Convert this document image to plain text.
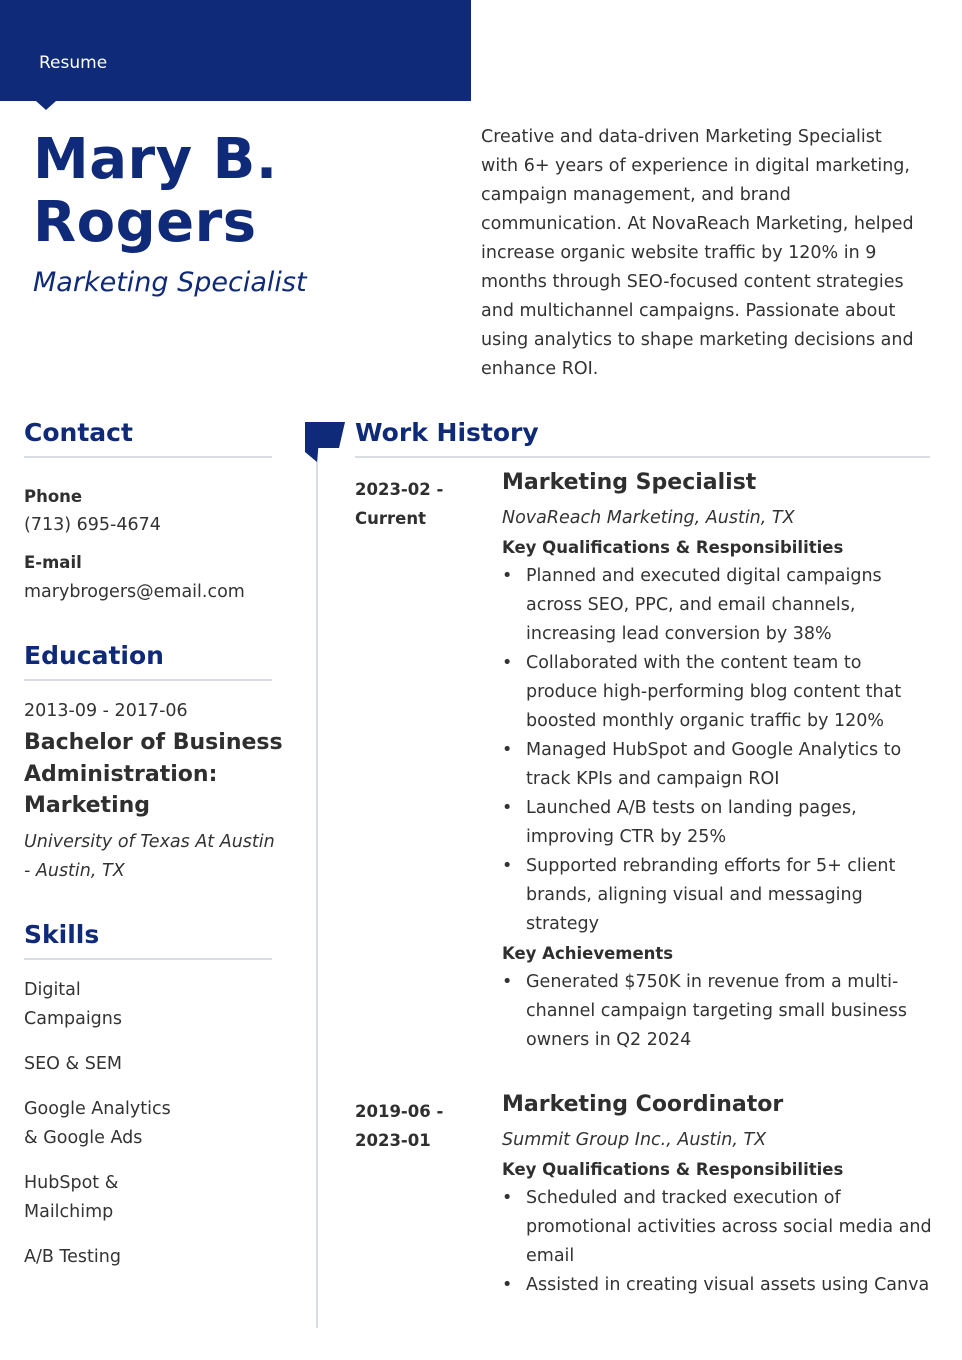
Resume
Mary B. Rogers
Marketing Specialist

Creative and data-driven Marketing Specialist with 6+ years of experience in digital marketing, campaign management, and brand communication. At NovaReach Marketing, helped increase organic website traffic by 120% in 9 months through SEO-focused content strategies and multichannel campaigns. Passionate about using analytics to shape marketing decisions and enhance ROI.

Contact
Phone
(713) 695-4674
E-mail
marybrogers@email.com
Education
2013-09 - 2017-06
Bachelor of Business Administration: Marketing
University of Texas At Austin - Austin, TX
Skills
Digital Campaigns
SEO & SEM
Google Analytics & Google Ads
HubSpot & Mailchimp
A/B Testing
Work History
2023-02 - Current
Marketing Specialist
NovaReach Marketing, Austin, TX
Key Qualifications & Responsibilities
• Planned and executed digital campaigns across SEO, PPC, and email channels, increasing lead conversion by 38%
• Collaborated with the content team to produce high-performing blog content that boosted monthly organic traffic by 120%
• Managed HubSpot and Google Analytics to track KPIs and campaign ROI
• Launched A/B tests on landing pages, improving CTR by 25%
• Supported rebranding efforts for 5+ client brands, aligning visual and messaging strategy
Key Achievements
• Generated $750K in revenue from a multi-channel campaign targeting small business owners in Q2 2024
2019-06 - 2023-01
Marketing Coordinator
Summit Group Inc., Austin, TX
Key Qualifications & Responsibilities
• Scheduled and tracked execution of promotional activities across social media and email
• Assisted in creating visual assets using Canva
